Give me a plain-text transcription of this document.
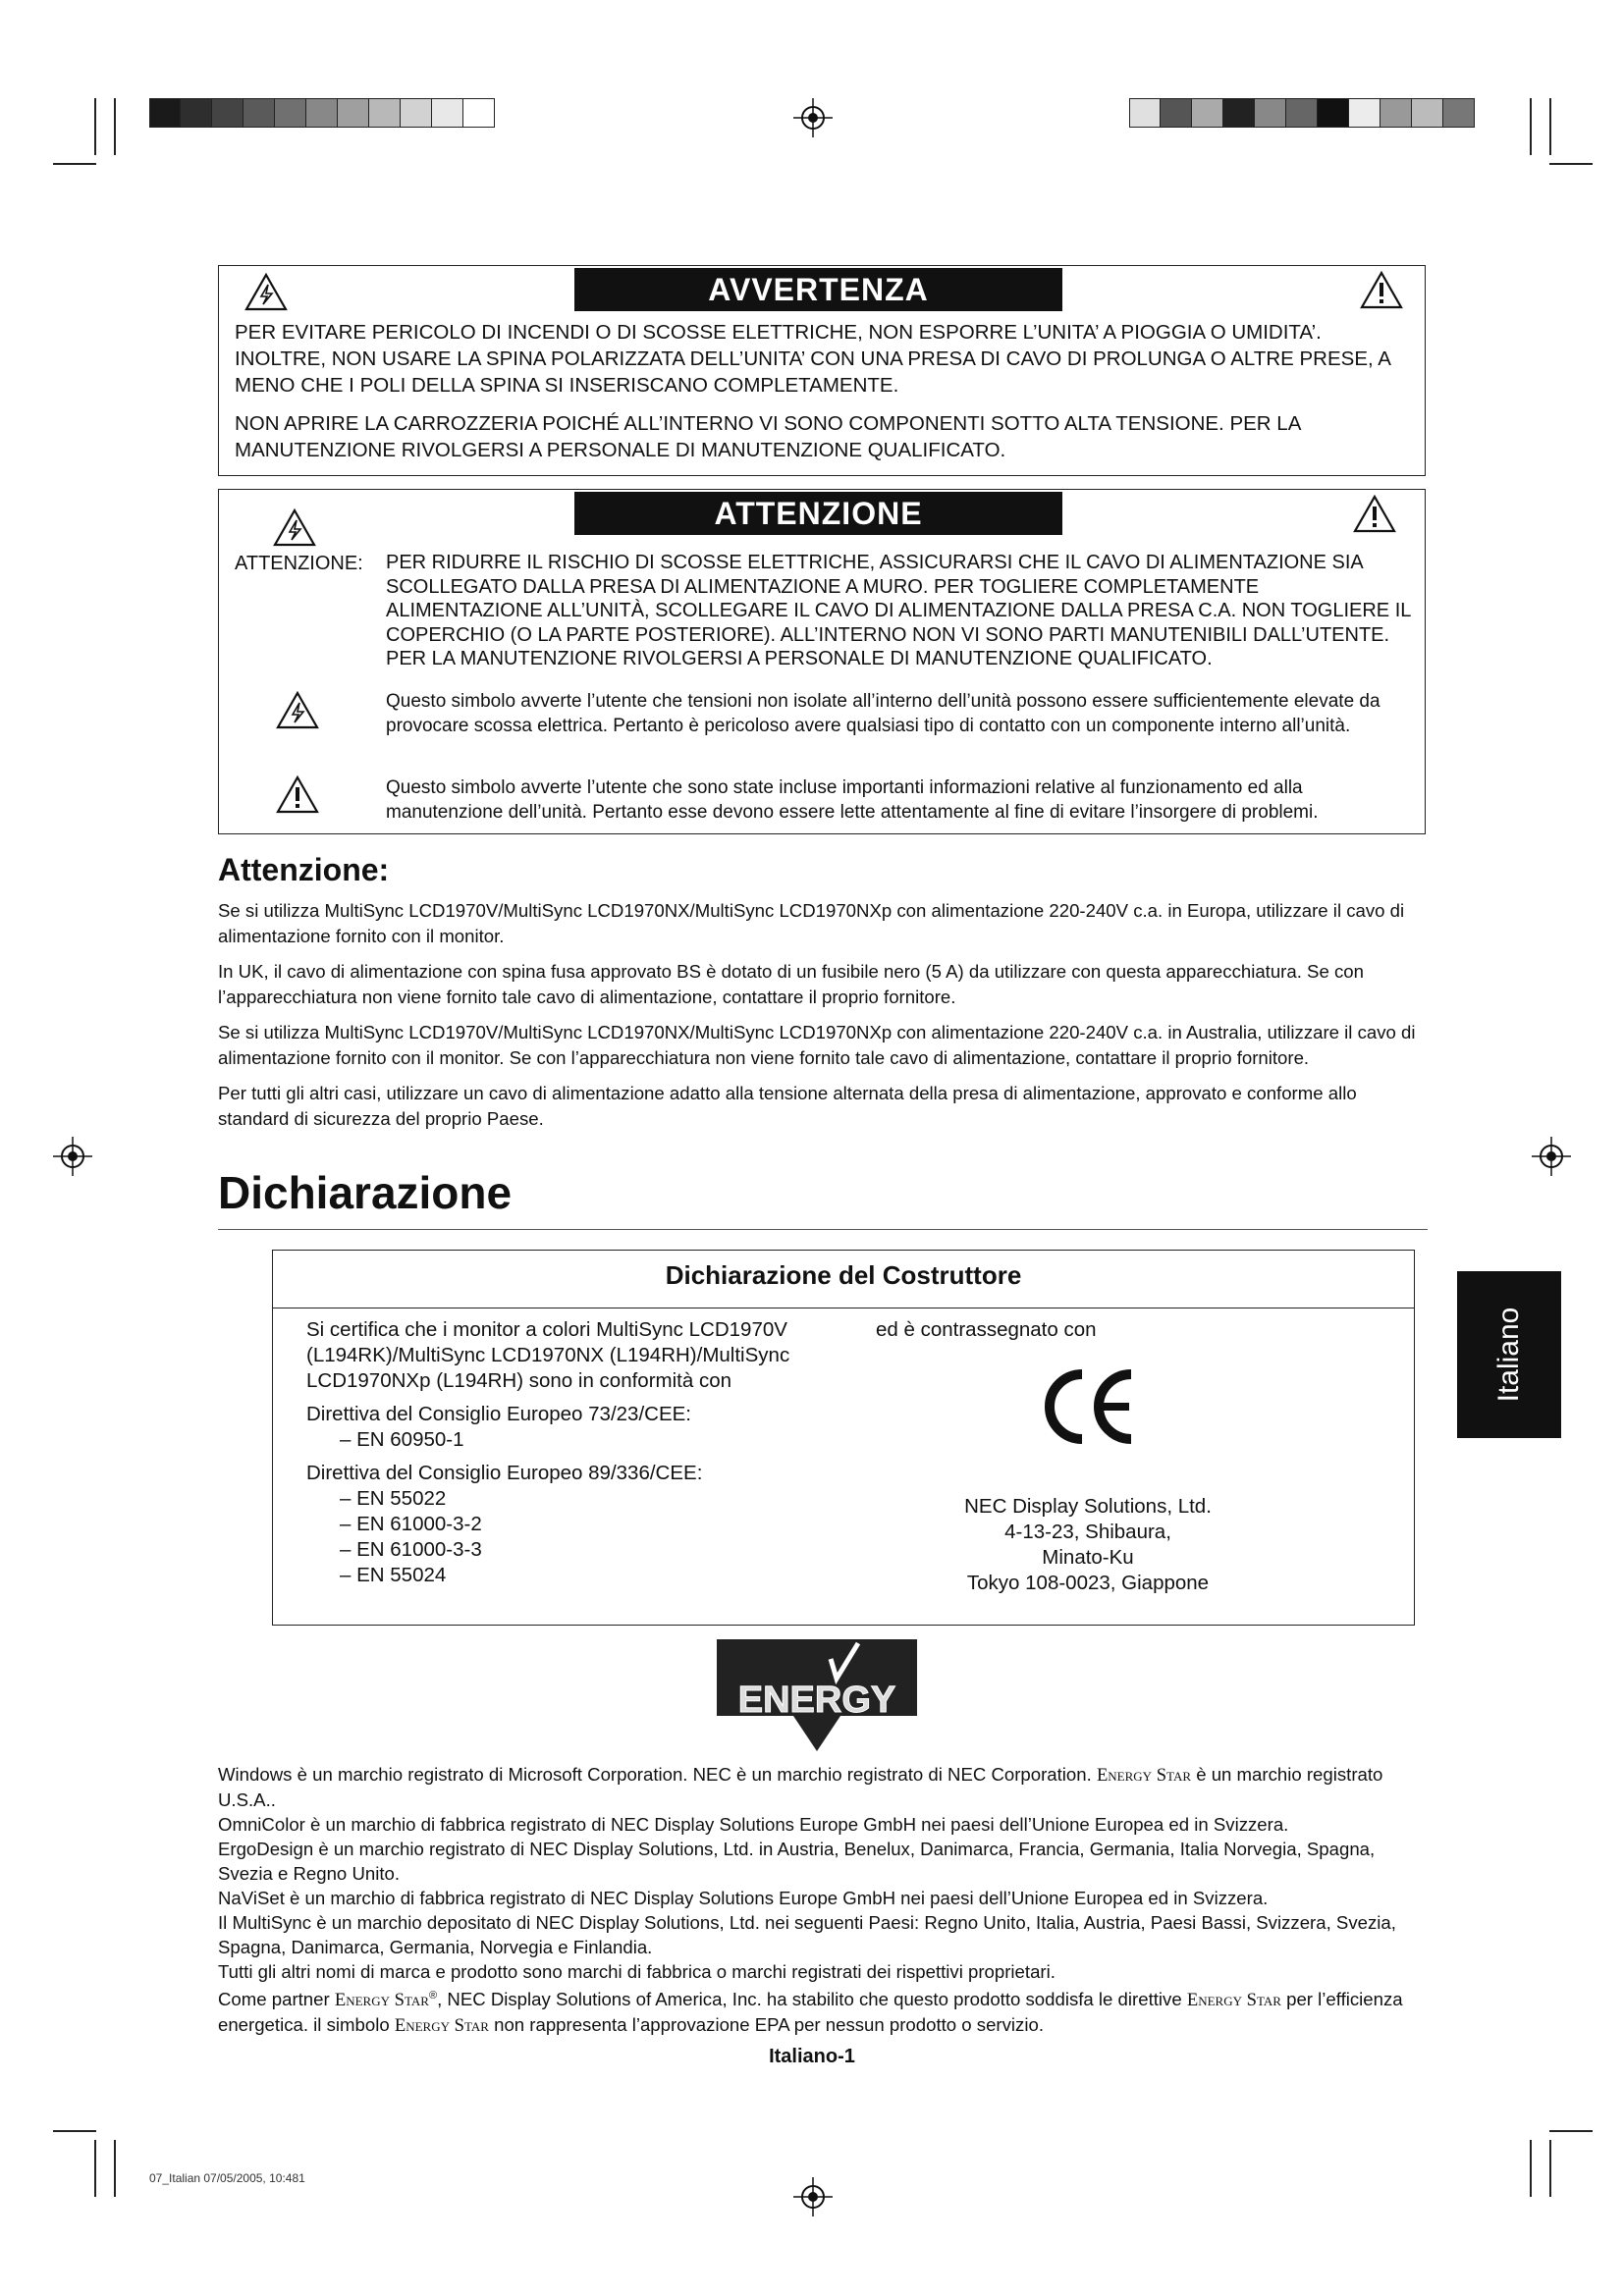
AVVERTENZA

PER EVITARE PERICOLO DI INCENDI O DI SCOSSE ELETTRICHE, NON ESPORRE L’UNITA’ A PIOGGIA O UMIDITA’. INOLTRE, NON USARE LA SPINA POLARIZZATA DELL’UNITA’ CON UNA PRESA DI CAVO DI PROLUNGA O ALTRE PRESE, A MENO CHE I POLI DELLA SPINA SI INSERISCANO COMPLETAMENTE.

NON APRIRE LA CARROZZERIA POICHÉ ALL’INTERNO VI SONO COMPONENTI SOTTO ALTA TENSIONE. PER LA MANUTENZIONE RIVOLGERSI A PERSONALE DI MANUTENZIONE QUALIFICATO.

ATTENZIONE
ATTENZIONE: PER RIDURRE IL RISCHIO DI SCOSSE ELETTRICHE, ASSICURARSI CHE IL CAVO DI ALIMENTAZIONE SIA SCOLLEGATO DALLA PRESA DI ALIMENTAZIONE A MURO. PER TOGLIERE COMPLETAMENTE ALIMENTAZIONE ALL’UNITÀ, SCOLLEGARE IL CAVO DI ALIMENTAZIONE DALLA PRESA C.A. NON TOGLIERE IL COPERCHIO (O LA PARTE POSTERIORE). ALL’INTERNO NON VI SONO PARTI MANUTENIBILI DALL’UTENTE. PER LA MANUTENZIONE RIVOLGERSI A PERSONALE DI MANUTENZIONE QUALIFICATO.
Questo simbolo avverte l’utente che tensioni non isolate all’interno dell’unità possono essere sufficientemente elevate da provocare scossa elettrica. Pertanto è pericoloso avere qualsiasi tipo di contatto con un componente interno all’unità.
Questo simbolo avverte l’utente che sono state incluse importanti informazioni relative al funzionamento ed alla manutenzione dell’unità. Pertanto esse devono essere lette attentamente al fine di evitare l’insorgere di problemi.
Attenzione:

Se si utilizza MultiSync LCD1970V/MultiSync LCD1970NX/MultiSync LCD1970NXp con alimentazione 220-240V c.a. in Europa, utilizzare il cavo di alimentazione fornito con il monitor.

In UK, il cavo di alimentazione con spina fusa approvato BS è dotato di un fusibile nero (5 A) da utilizzare con questa apparecchiatura. Se con l’apparecchiatura non viene fornito tale cavo di alimentazione, contattare il proprio fornitore.

Se si utilizza MultiSync LCD1970V/MultiSync LCD1970NX/MultiSync LCD1970NXp con alimentazione 220-240V c.a. in Australia, utilizzare il cavo di alimentazione fornito con il monitor. Se con l’apparecchiatura non viene fornito tale cavo di alimentazione, contattare il proprio fornitore.

Per tutti gli altri casi, utilizzare un cavo di alimentazione adatto alla tensione alternata della presa di alimentazione, approvato e conforme allo standard di sicurezza del proprio Paese.

Dichiarazione
Dichiarazione del Costruttore

Si certifica che i monitor a colori MultiSync LCD1970V (L194RK)/MultiSync LCD1970NX (L194RH)/MultiSync LCD1970NXp (L194RH) sono in conformità con

Direttiva del Consiglio Europeo 73/23/CEE:

– EN 60950-1

Direttiva del Consiglio Europeo 89/336/CEE:

– EN 55022
– EN 61000-3-2
– EN 61000-3-3
– EN 55024
ed è contrassegnato con
NEC Display Solutions, Ltd.
4-13-23, Shibaura,
Minato-Ku
Tokyo 108-0023, Giappone
Italiano
ENERGY

Windows è un marchio registrato di Microsoft Corporation. NEC è un marchio registrato di NEC Corporation. Energy Star è un marchio registrato U.S.A..

OmniColor è un marchio di fabbrica registrato di NEC Display Solutions Europe GmbH nei paesi dell’Unione Europea ed in Svizzera.

ErgoDesign è un marchio registrato di NEC Display Solutions, Ltd. in Austria, Benelux, Danimarca, Francia, Germania, Italia Norvegia, Spagna, Svezia e Regno Unito.

NaViSet è un marchio di fabbrica registrato di NEC Display Solutions Europe GmbH nei paesi dell’Unione Europea ed in Svizzera.

Il MultiSync è un marchio depositato di NEC Display Solutions, Ltd. nei seguenti Paesi: Regno Unito, Italia, Austria, Paesi Bassi, Svizzera, Svezia, Spagna, Danimarca, Germania, Norvegia e Finlandia.

Tutti gli altri nomi di marca e prodotto sono marchi di fabbrica o marchi registrati dei rispettivi proprietari.

Come partner Energy Star®, NEC Display Solutions of America, Inc. ha stabilito che questo prodotto soddisfa le direttive Energy Star per l’efficienza energetica. il simbolo Energy Star non rappresenta l’approvazione EPA per nessun prodotto o servizio.

Italiano-1
07_Italian 07/05/2005, 10:481
